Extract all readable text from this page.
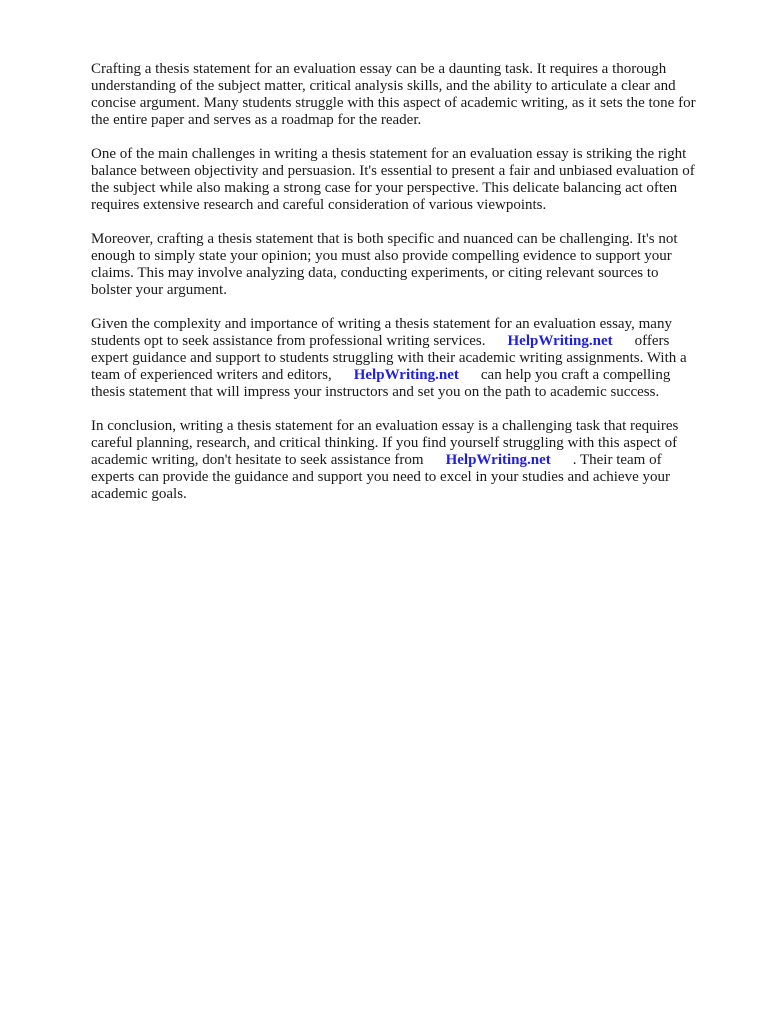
Crafting a thesis statement for an evaluation essay can be a daunting task. It requires a thorough
understanding of the subject matter, critical analysis skills, and the ability to articulate a clear and
concise argument. Many students struggle with this aspect of academic writing, as it sets the tone for
the entire paper and serves as a roadmap for the reader.

One of the main challenges in writing a thesis statement for an evaluation essay is striking the right
balance between objectivity and persuasion. It's essential to present a fair and unbiased evaluation of
the subject while also making a strong case for your perspective. This delicate balancing act often
requires extensive research and careful consideration of various viewpoints.

Moreover, crafting a thesis statement that is both specific and nuanced can be challenging. It's not
enough to simply state your opinion; you must also provide compelling evidence to support your
claims. This may involve analyzing data, conducting experiments, or citing relevant sources to
bolster your argument.

Given the complexity and importance of writing a thesis statement for an evaluation essay, many
students opt to seek assistance from professional writing services. HelpWriting.net offers
expert guidance and support to students struggling with their academic writing assignments. With a
team of experienced writers and editors, HelpWriting.net can help you craft a compelling
thesis statement that will impress your instructors and set you on the path to academic success.

In conclusion, writing a thesis statement for an evaluation essay is a challenging task that requires
careful planning, research, and critical thinking. If you find yourself struggling with this aspect of
academic writing, don't hesitate to seek assistance from HelpWriting.net . Their team of
experts can provide the guidance and support you need to excel in your studies and achieve your
academic goals.
